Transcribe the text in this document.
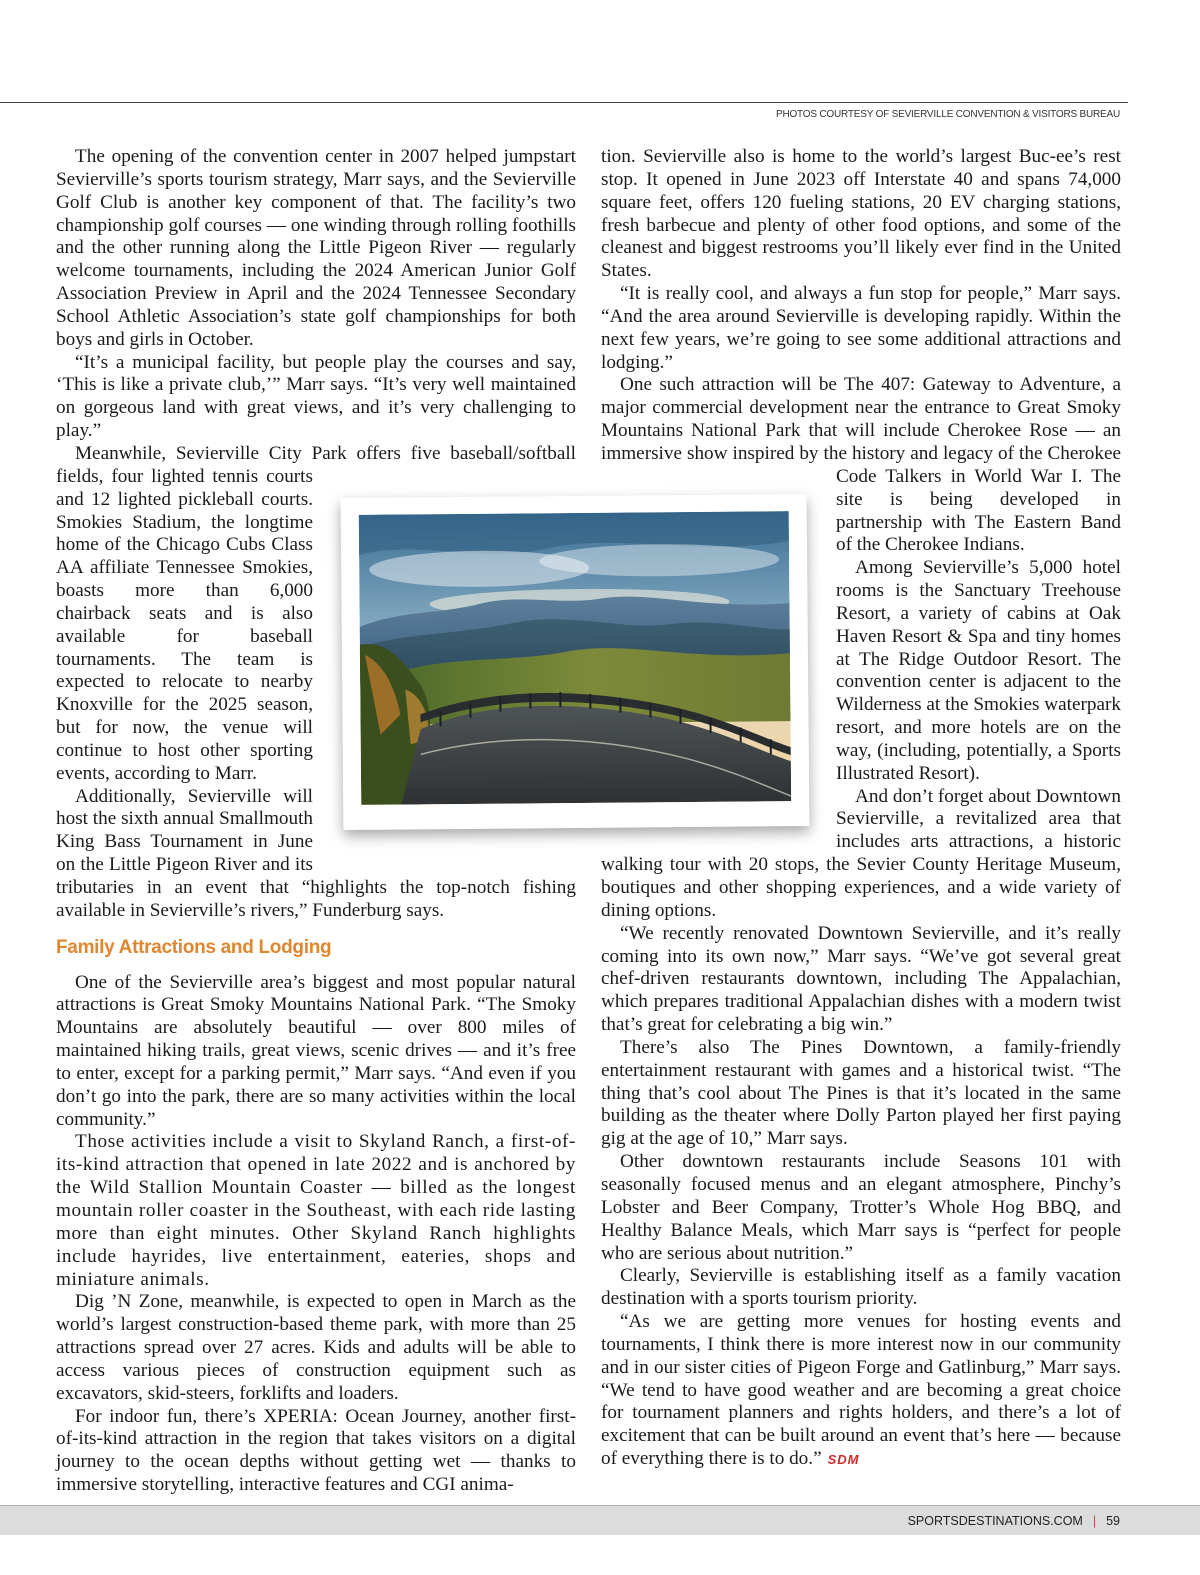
PHOTOS COURTESY OF SEVIERVILLE CONVENTION & VISITORS BUREAU

The opening of the convention center in 2007 helped jumpstart Sevierville’s sports tourism strategy, Marr says, and the Sevierville Golf Club is another key component of that. The facility’s two championship golf courses — one winding through rolling foothills and the other running along the Little Pigeon River — regularly welcome tournaments, including the 2024 American Junior Golf Association Preview in April and the 2024 Tennessee Secondary School Athletic Association’s state golf championships for both boys and girls in October.

“It’s a municipal facility, but people play the courses and say, ‘This is like a private club,’” Marr says. “It’s very well maintained on gorgeous land with great views, and it’s very challenging to play.”

Meanwhile, Sevierville City Park offers five baseball/softball fields, four lighted tennis courts and 12 lighted pickleball courts. Smokies Stadium, the longtime home of the Chicago Cubs Class AA affiliate Tennessee Smokies, boasts more than 6,000 chairback seats and is also available for baseball tournaments. The team is expected to relocate to nearby Knoxville for the 2025 season, but for now, the venue will continue to host other sporting events, according to Marr.

Additionally, Sevierville will host the sixth annual Smallmouth King Bass Tournament in June on the Little Pigeon River and its tributaries in an event that “highlights the top-notch fishing available in Sevierville’s rivers,” Funderburg says.

Family Attractions and Lodging

One of the Sevierville area’s biggest and most popular natural attractions is Great Smoky Mountains National Park. “The Smoky Mountains are absolutely beautiful — over 800 miles of maintained hiking trails, great views, scenic drives — and it’s free to enter, except for a parking permit,” Marr says. “And even if you don’t go into the park, there are so many activities within the local community.”

Those activities include a visit to Skyland Ranch, a first-of-its-kind attraction that opened in late 2022 and is anchored by the Wild Stallion Mountain Coaster — billed as the longest mountain roller coaster in the Southeast, with each ride lasting more than eight minutes. Other Skyland Ranch highlights include hayrides, live entertainment, eateries, shops and miniature animals.

Dig ’N Zone, meanwhile, is expected to open in March as the world’s largest construction-based theme park, with more than 25 attractions spread over 27 acres. Kids and adults will be able to access various pieces of construction equipment such as excavators, skid-steers, forklifts and loaders.

For indoor fun, there’s XPERIA: Ocean Journey, another first-of-its-kind attraction in the region that takes visitors on a digital journey to the ocean depths without getting wet — thanks to immersive storytelling, interactive features and CGI anima-

tion. Sevierville also is home to the world’s largest Buc-ee’s rest stop. It opened in June 2023 off Interstate 40 and spans 74,000 square feet, offers 120 fueling stations, 20 EV charging stations, fresh barbecue and plenty of other food options, and some of the cleanest and biggest restrooms you’ll likely ever find in the United States.

“It is really cool, and always a fun stop for people,” Marr says. “And the area around Sevierville is developing rapidly. Within the next few years, we’re going to see some additional attractions and lodging.”

One such attraction will be The 407: Gateway to Adventure, a major commercial development near the entrance to Great Smoky Mountains National Park that will include Cherokee Rose — an immersive show inspired by the history and legacy of the Cherokee Code Talkers in World War I. The site is being developed in partnership with The Eastern Band of the Cherokee Indians.

Among Sevierville’s 5,000 hotel rooms is the Sanctuary Treehouse Resort, a variety of cabins at Oak Haven Resort & Spa and tiny homes at The Ridge Outdoor Resort. The convention center is adjacent to the Wilderness at the Smokies waterpark resort, and more hotels are on the way, (including, potentially, a Sports Illustrated Resort).

And don’t forget about Downtown Sevierville, a revitalized area that includes arts attractions, a historic walking tour with 20 stops, the Sevier County Heritage Museum, boutiques and other shopping experiences, and a wide variety of dining options.

“We recently renovated Downtown Sevierville, and it’s really coming into its own now,” Marr says. “We’ve got several great chef-driven restaurants downtown, including The Appalachian, which prepares traditional Appalachian dishes with a modern twist that’s great for celebrating a big win.”

There’s also The Pines Downtown, a family-friendly entertainment restaurant with games and a historical twist. “The thing that’s cool about The Pines is that it’s located in the same building as the theater where Dolly Parton played her first paying gig at the age of 10,” Marr says.

Other downtown restaurants include Seasons 101 with seasonally focused menus and an elegant atmosphere, Pinchy’s Lobster and Beer Company, Trotter’s Whole Hog BBQ, and Healthy Balance Meals, which Marr says is “perfect for people who are serious about nutrition.”

Clearly, Sevierville is establishing itself as a family vacation destination with a sports tourism priority.

“As we are getting more venues for hosting events and tournaments, I think there is more interest now in our community and in our sister cities of Pigeon Forge and Gatlinburg,” Marr says. “We tend to have good weather and are becoming a great choice for tournament planners and rights holders, and there’s a lot of excitement that can be built around an event that’s here — because of everything there is to do.” SDM

SPORTSDESTINATIONS.COM | 59
